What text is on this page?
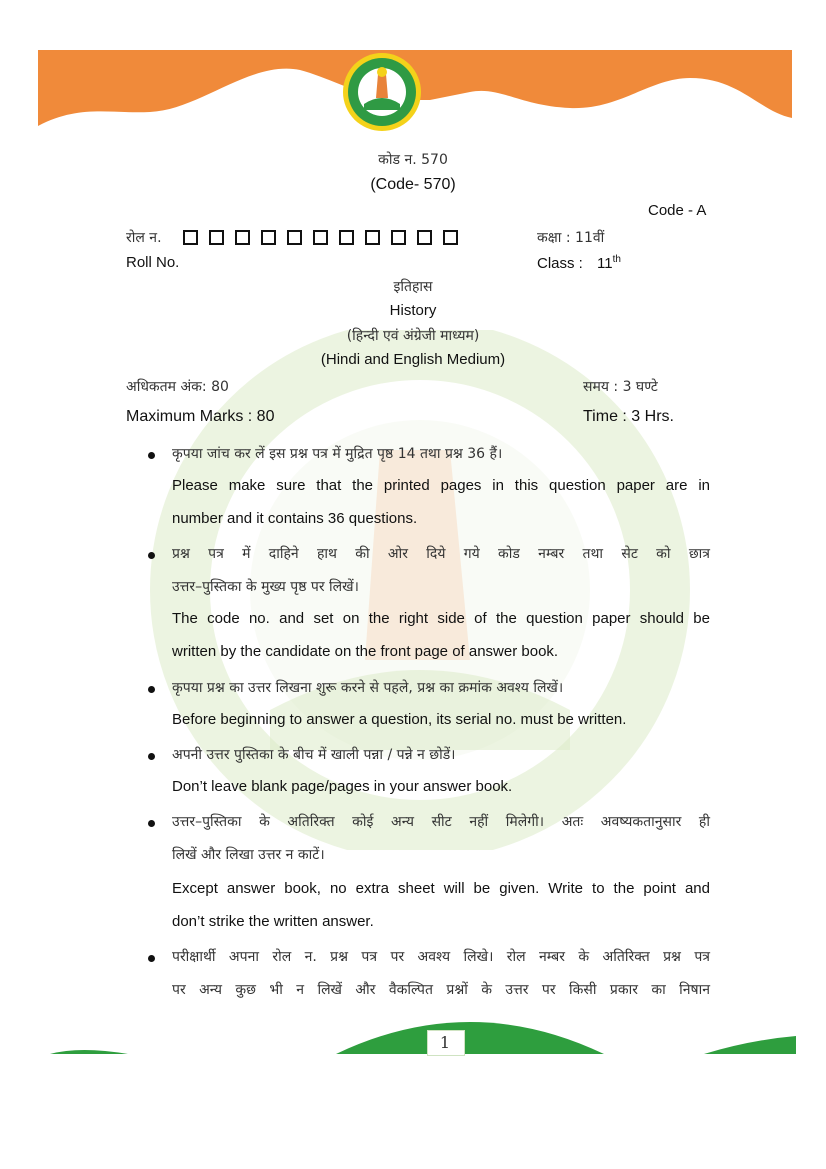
कोड न. 570
(Code- 570)
Code - A
रोल न.	कक्षा : 11वीं
Roll No.	Class : 11th
इतिहास
History
(हिन्दी एवं अंग्रेजी माध्यम)
(Hindi and English Medium)
अधिकतम अंक: 80	समय : 3 घण्टे
Maximum Marks : 80	Time : 3 Hrs.
कृपया जांच कर लें इस प्रश्न पत्र में मुद्रित पृष्ठ 14 तथा प्रश्न 36 हैं।
Please make sure that the printed pages in this question paper are in
number and it contains 36 questions.
प्रश्न पत्र में दाहिने हाथ की ओर दिये गये कोड नम्बर तथा सेट को छात्र
उत्तर–पुस्तिका के मुख्य पृष्ठ पर लिखें।
The code no. and set on the right side of the question paper should be
written by the candidate on the front page of answer book.
कृपया प्रश्न का उत्तर लिखना शुरू करने से पहले, प्रश्न का क्रमांक अवश्य लिखें।
Before beginning to answer a question, its serial no. must be written.
अपनी उत्तर पुस्तिका के बीच में खाली पन्ना / पन्ने न छोडें।
Don’t leave blank page/pages in your answer book.
उत्तर–पुस्तिका के अतिरिक्त कोई अन्य सीट नहीं मिलेगी। अतः अवष्यकतानुसार ही
लिखें और लिखा उत्तर न काटें।
Except answer book, no extra sheet will be given. Write to the point and
don’t strike the written answer.
परीक्षार्थी अपना रोल न. प्रश्न पत्र पर अवश्य लिखे। रोल नम्बर के अतिरिक्त प्रश्न पत्र
पर अन्य कुछ भी न लिखें और वैकल्पित प्रश्नों के उत्तर पर किसी प्रकार का निषान
1
